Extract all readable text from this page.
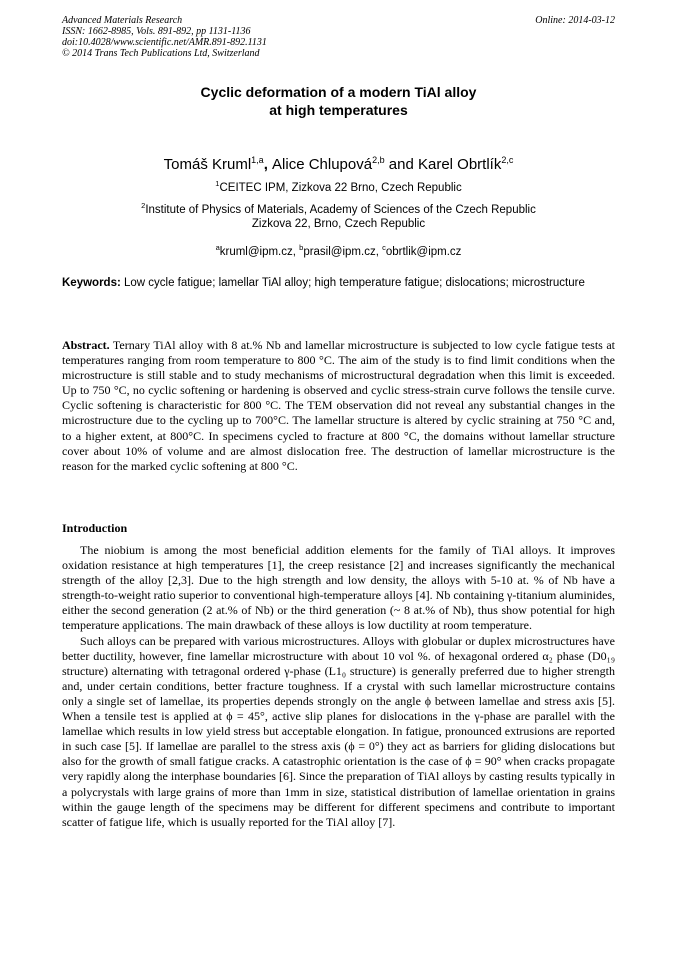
Advanced Materials Research
ISSN: 1662-8985, Vols. 891-892, pp 1131-1136
doi:10.4028/www.scientific.net/AMR.891-892.1131
© 2014 Trans Tech Publications Ltd, Switzerland
Online: 2014-03-12
Cyclic deformation of a modern TiAl alloy
at high temperatures
Tomáš Kruml$^{1,a}$, Alice Chlupová$^{2,b}$ and Karel Obrtlík$^{2,c}$
$^1$CEITEC IPM, Zizkova 22 Brno, Czech Republic
$^2$Institute of Physics of Materials, Academy of Sciences of the Czech Republic
Zizkova 22, Brno, Czech Republic
$^a$kruml@ipm.cz, $^b$prasil@ipm.cz, $^c$obrtlik@ipm.cz
Keywords: Low cycle fatigue; lamellar TiAl alloy; high temperature fatigue; dislocations; microstructure

Abstract. Ternary TiAl alloy with 8 at.% Nb and lamellar microstructure is subjected to low cycle fatigue tests at temperatures ranging from room temperature to 800 °C. The aim of the study is to find limit conditions when the microstructure is still stable and to study mechanisms of microstructural degradation when this limit is exceeded. Up to 750 °C, no cyclic softening or hardening is observed and cyclic stress-strain curve follows the tensile curve. Cyclic softening is characteristic for 800 °C. The TEM observation did not reveal any substantial changes in the microstructure due to the cycling up to 700°C. The lamellar structure is altered by cyclic straining at 750 °C and, to a higher extent, at 800°C. In specimens cycled to fracture at 800 °C, the domains without lamellar structure cover about 10% of volume and are almost dislocation free. The destruction of lamellar microstructure is the reason for the marked cyclic softening at 800 °C.

Introduction

The niobium is among the most beneficial addition elements for the family of TiAl alloys. It improves oxidation resistance at high temperatures [1], the creep resistance [2] and increases significantly the mechanical strength of the alloy [2,3]. Due to the high strength and low density, the alloys with 5-10 at. % of Nb have a strength-to-weight ratio superior to conventional high-temperature alloys [4]. Nb containing γ-titanium aluminides, either the second generation (2 at.% of Nb) or the third generation (~ 8 at.% of Nb), thus show potential for high temperature applications. The main drawback of these alloys is low ductility at room temperature.

Such alloys can be prepared with various microstructures. Alloys with globular or duplex microstructures have better ductility, however, fine lamellar microstructure with about 10 vol %. of hexagonal ordered α₂ phase (D0₁₉ structure) alternating with tetragonal ordered γ-phase (L1₀ structure) is generally preferred due to higher strength and, under certain conditions, better fracture toughness. If a crystal with such lamellar microstructure contains only a single set of lamellae, its properties depends strongly on the angle ϕ between lamellae and stress axis [5]. When a tensile test is applied at ϕ = 45°, active slip planes for dislocations in the γ-phase are parallel with the lamellae which results in low yield stress but acceptable elongation. In fatigue, pronounced extrusions are reported in such case [5]. If lamellae are parallel to the stress axis (ϕ = 0°) they act as barriers for gliding dislocations but also for the growth of small fatigue cracks. A catastrophic orientation is the case of ϕ = 90° when cracks propagate very rapidly along the interphase boundaries [6]. Since the preparation of TiAl alloys by casting results typically in a polycrystals with large grains of more than 1mm in size, statistical distribution of lamellae orientation in grains within the gauge length of the specimens may be different for different specimens and contribute to important scatter of fatigue life, which is usually reported for the TiAl alloy [7].
